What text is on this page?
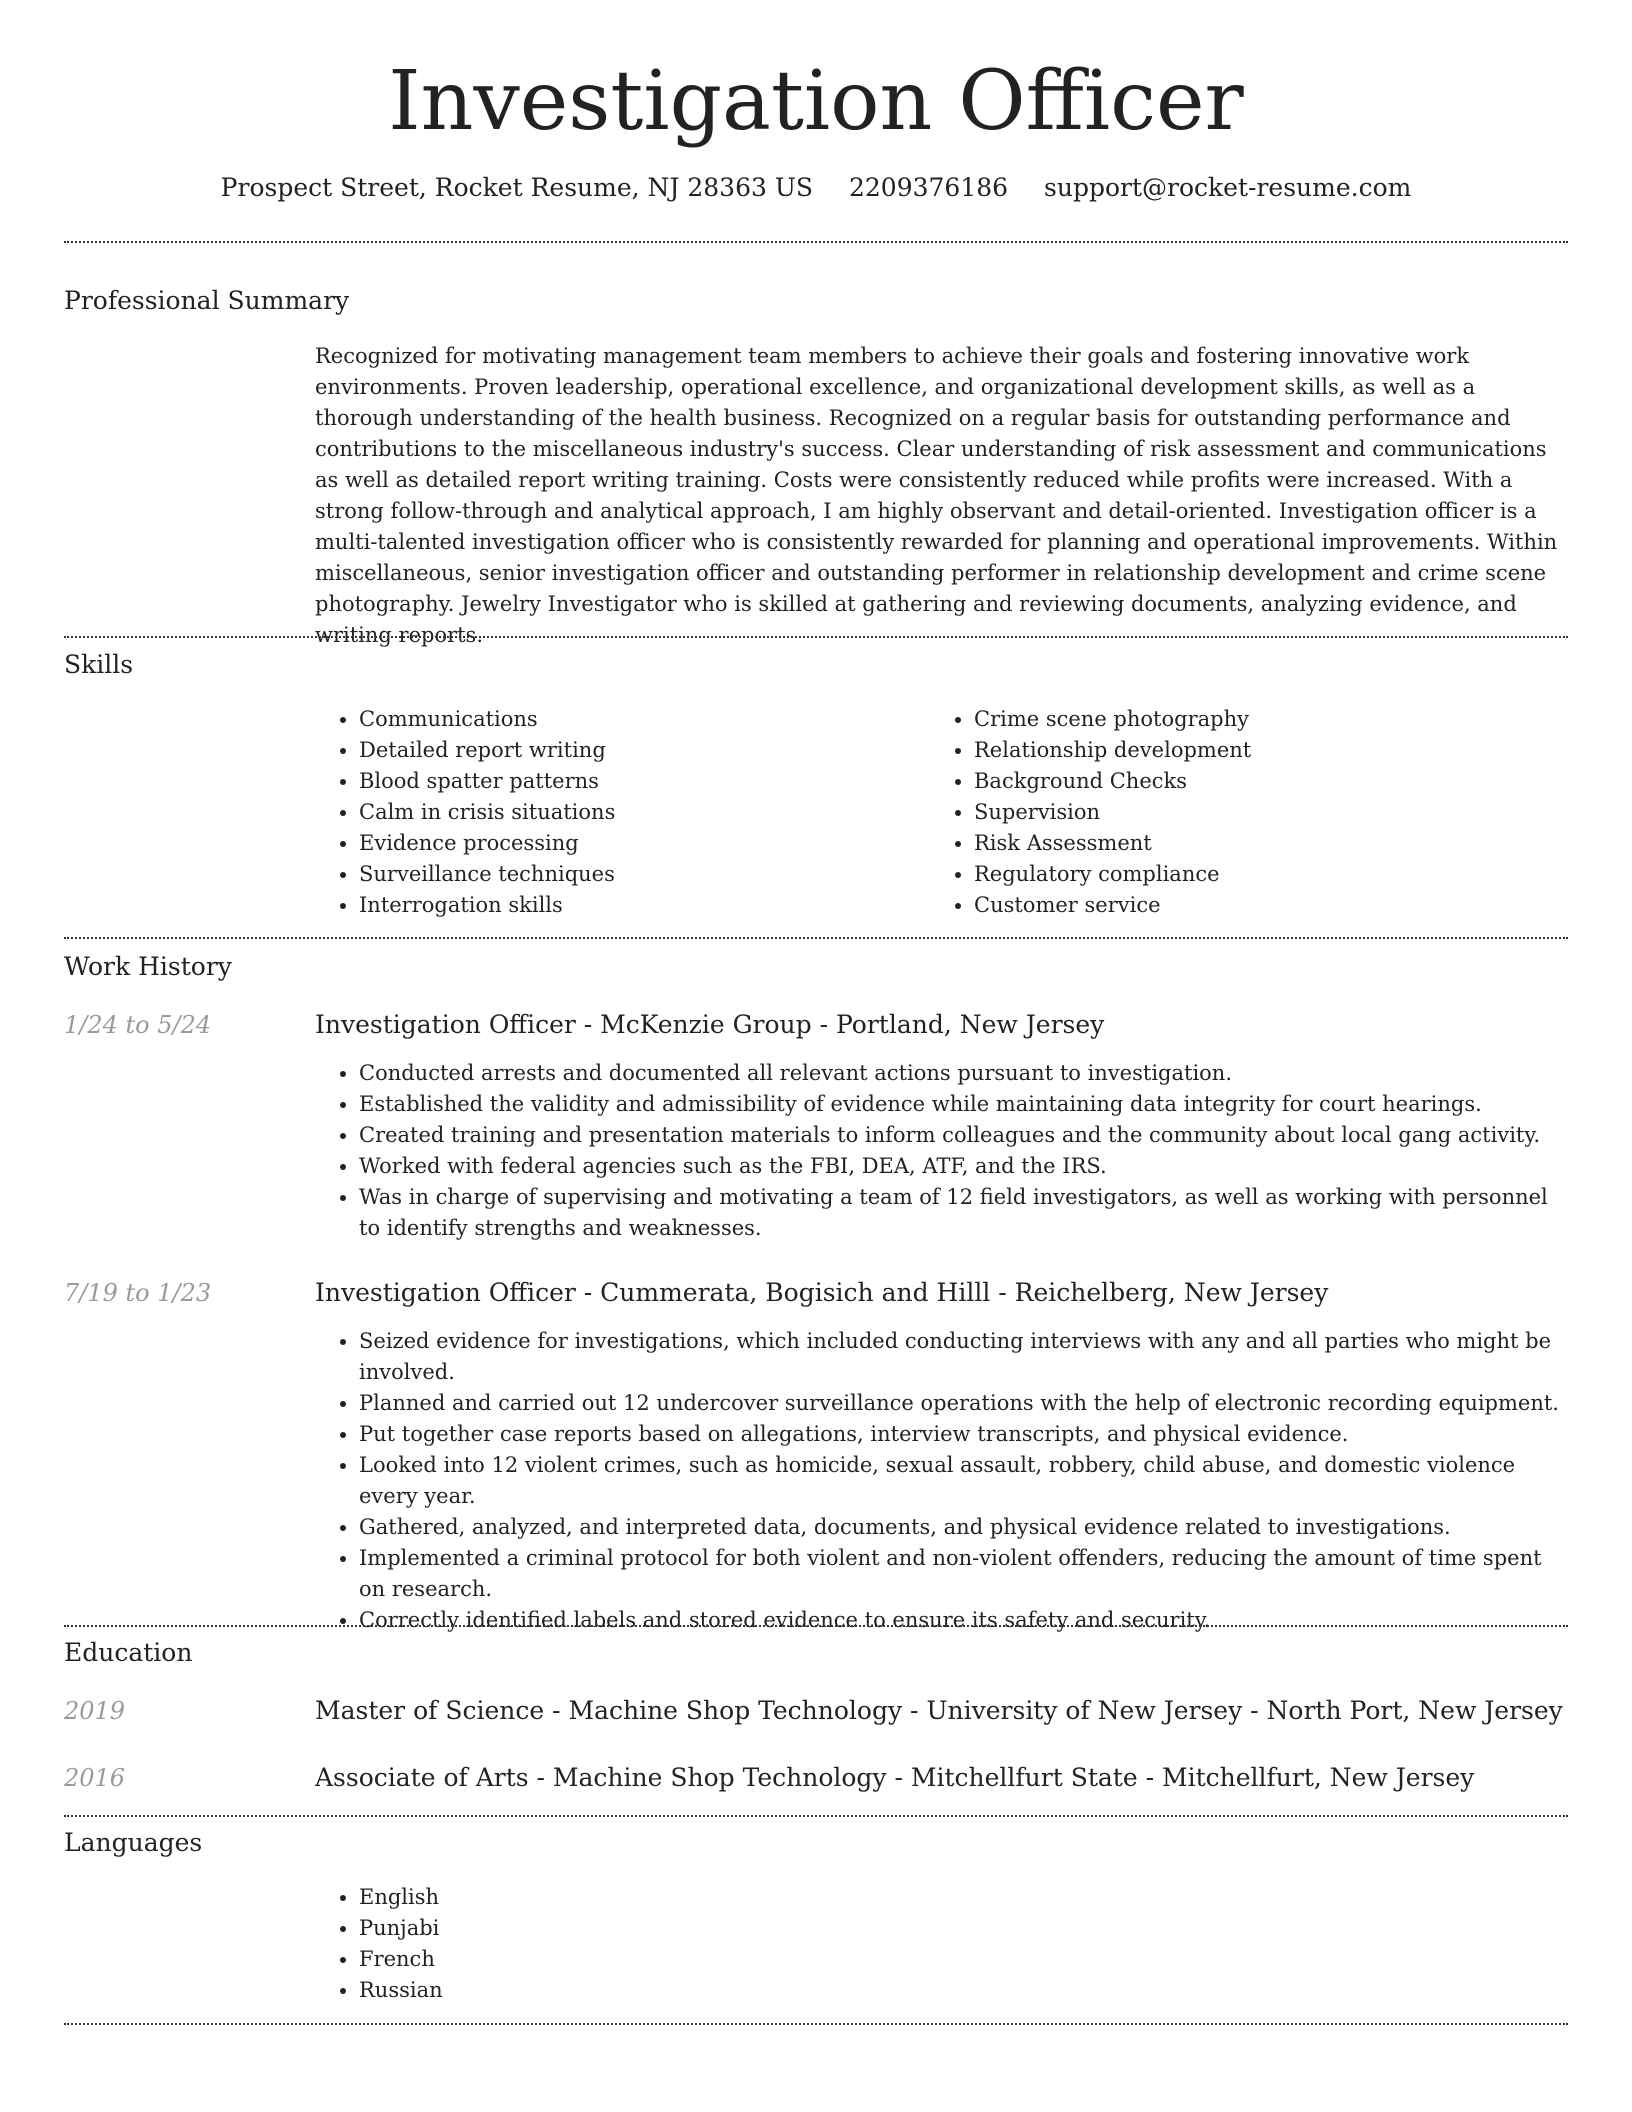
Investigation Officer
Prospect Street, Rocket Resume, NJ 28363 US 2209376186 support@rocket-resume.com
Professional Summary

Recognized for motivating management team members to achieve their goals and fostering innovative work environments. Proven leadership, operational excellence, and organizational development skills, as well as a thorough understanding of the health business. Recognized on a regular basis for outstanding performance and contributions to the miscellaneous industry's success. Clear understanding of risk assessment and communications as well as detailed report writing training. Costs were consistently reduced while profits were increased. With a strong follow-through and analytical approach, I am highly observant and detail-oriented. Investigation officer is a multi-talented investigation officer who is consistently rewarded for planning and operational improvements. Within miscellaneous, senior investigation officer and outstanding performer in relationship development and crime scene photography. Jewelry Investigator who is skilled at gathering and reviewing documents, analyzing evidence, and writing reports.

Skills
• Communications
• Detailed report writing
• Blood spatter patterns
• Calm in crisis situations
• Evidence processing
• Surveillance techniques
• Interrogation skills
• Crime scene photography
• Relationship development
• Background Checks
• Supervision
• Risk Assessment
• Regulatory compliance
• Customer service
Work History
1/24 to 5/24	Investigation Officer - McKenzie Group - Portland, New Jersey
• Conducted arrests and documented all relevant actions pursuant to investigation.
• Established the validity and admissibility of evidence while maintaining data integrity for court hearings.
• Created training and presentation materials to inform colleagues and the community about local gang activity.
• Worked with federal agencies such as the FBI, DEA, ATF, and the IRS.
• Was in charge of supervising and motivating a team of 12 field investigators, as well as working with personnel to identify strengths and weaknesses.
7/19 to 1/23	Investigation Officer - Cummerata, Bogisich and Hilll - Reichelberg, New Jersey
• Seized evidence for investigations, which included conducting interviews with any and all parties who might be involved.
• Planned and carried out 12 undercover surveillance operations with the help of electronic recording equipment.
• Put together case reports based on allegations, interview transcripts, and physical evidence.
• Looked into 12 violent crimes, such as homicide, sexual assault, robbery, child abuse, and domestic violence every year.
• Gathered, analyzed, and interpreted data, documents, and physical evidence related to investigations.
• Implemented a criminal protocol for both violent and non-violent offenders, reducing the amount of time spent on research.
• Correctly identified labels and stored evidence to ensure its safety and security.
Education
2019	Master of Science - Machine Shop Technology - University of New Jersey - North Port, New Jersey
2016	Associate of Arts - Machine Shop Technology - Mitchellfurt State - Mitchellfurt, New Jersey
Languages
• English
• Punjabi
• French
• Russian
